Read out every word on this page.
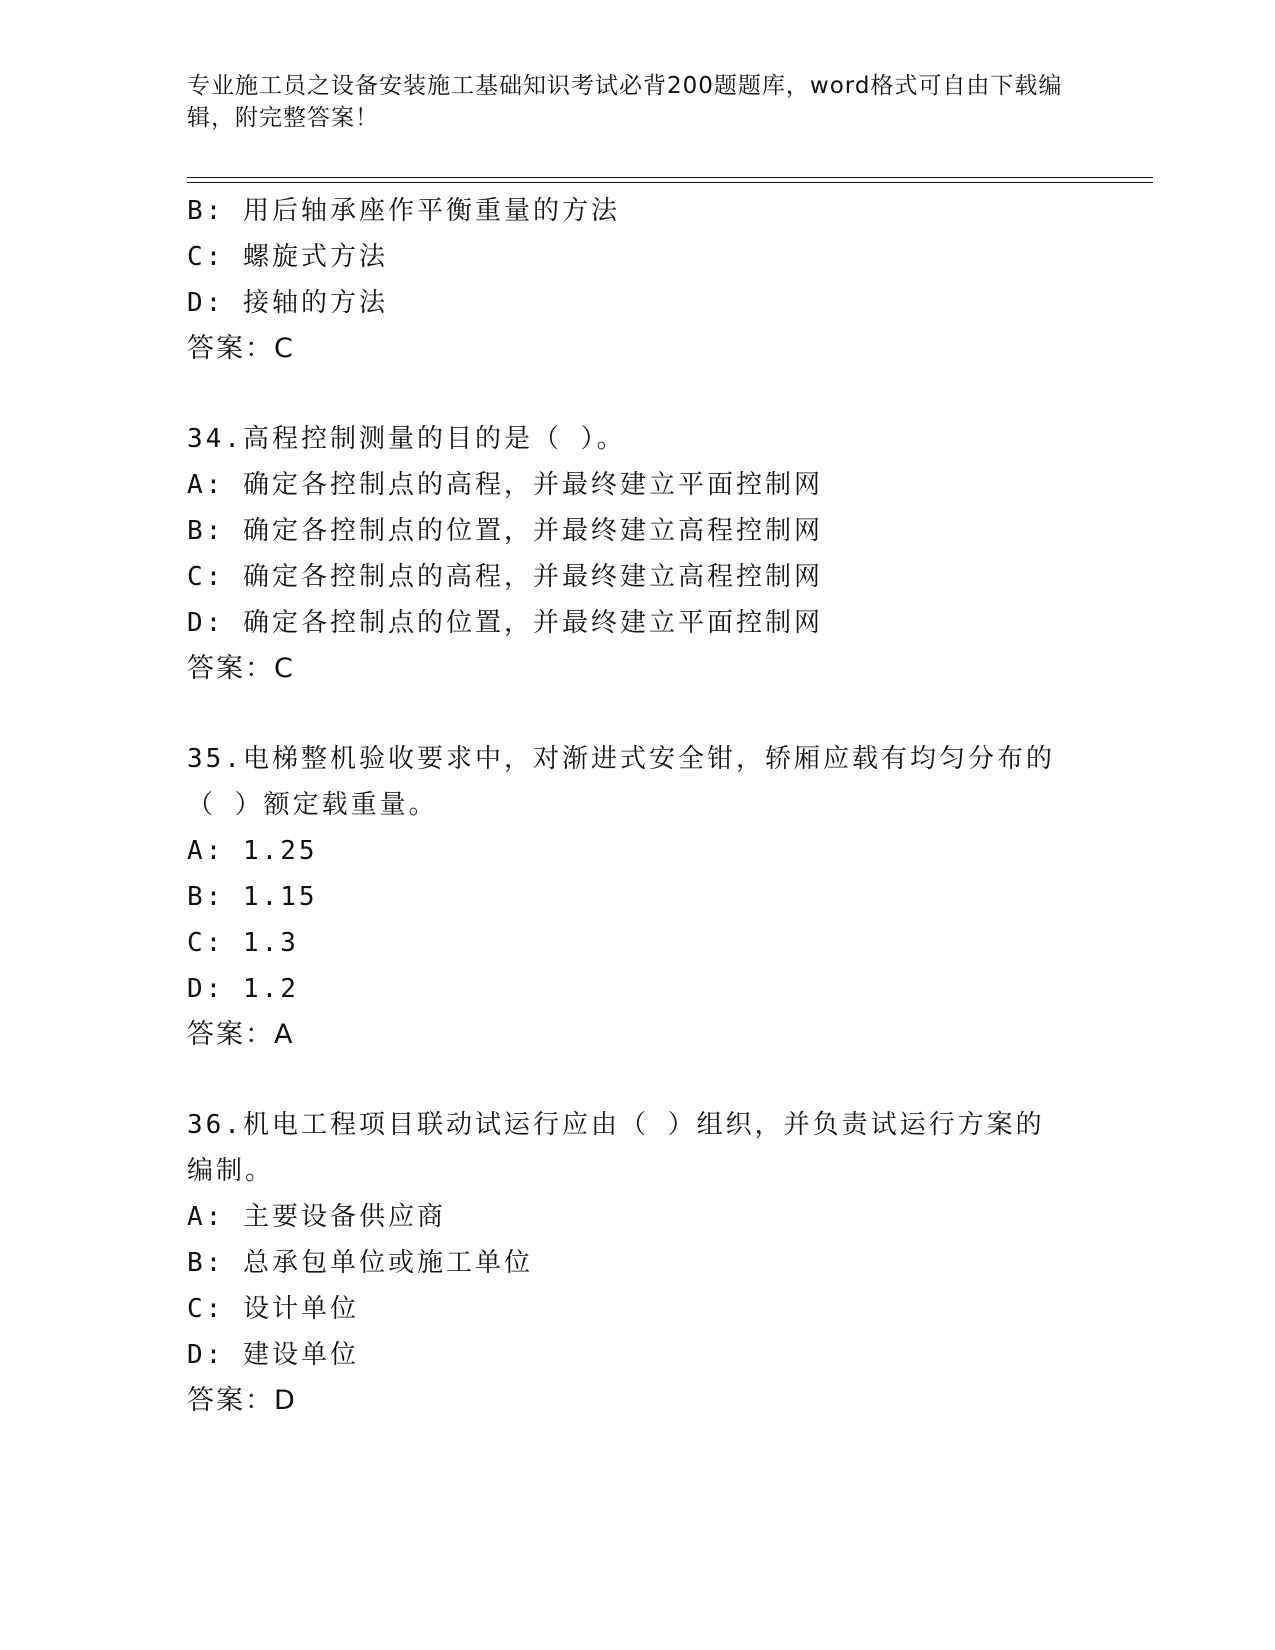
专业施工员之设备安装施工基础知识考试必背200题题库，word格式可自由下载编辑，附完整答案！
B: 用后轴承座作平衡重量的方法
C: 螺旋式方法
D: 接轴的方法
答案：C
34.高程控制测量的目的是（ ）。
A: 确定各控制点的高程，并最终建立平面控制网
B: 确定各控制点的位置，并最终建立高程控制网
C: 确定各控制点的高程，并最终建立高程控制网
D: 确定各控制点的位置，并最终建立平面控制网
答案：C
35.电梯整机验收要求中，对渐进式安全钳，轿厢应载有均匀分布的（ ）额定载重量。
A: 1.25
B: 1.15
C: 1.3
D: 1.2
答案：A
36.机电工程项目联动试运行应由（ ）组织，并负责试运行方案的编制。
A: 主要设备供应商
B: 总承包单位或施工单位
C: 设计单位
D: 建设单位
答案：D
